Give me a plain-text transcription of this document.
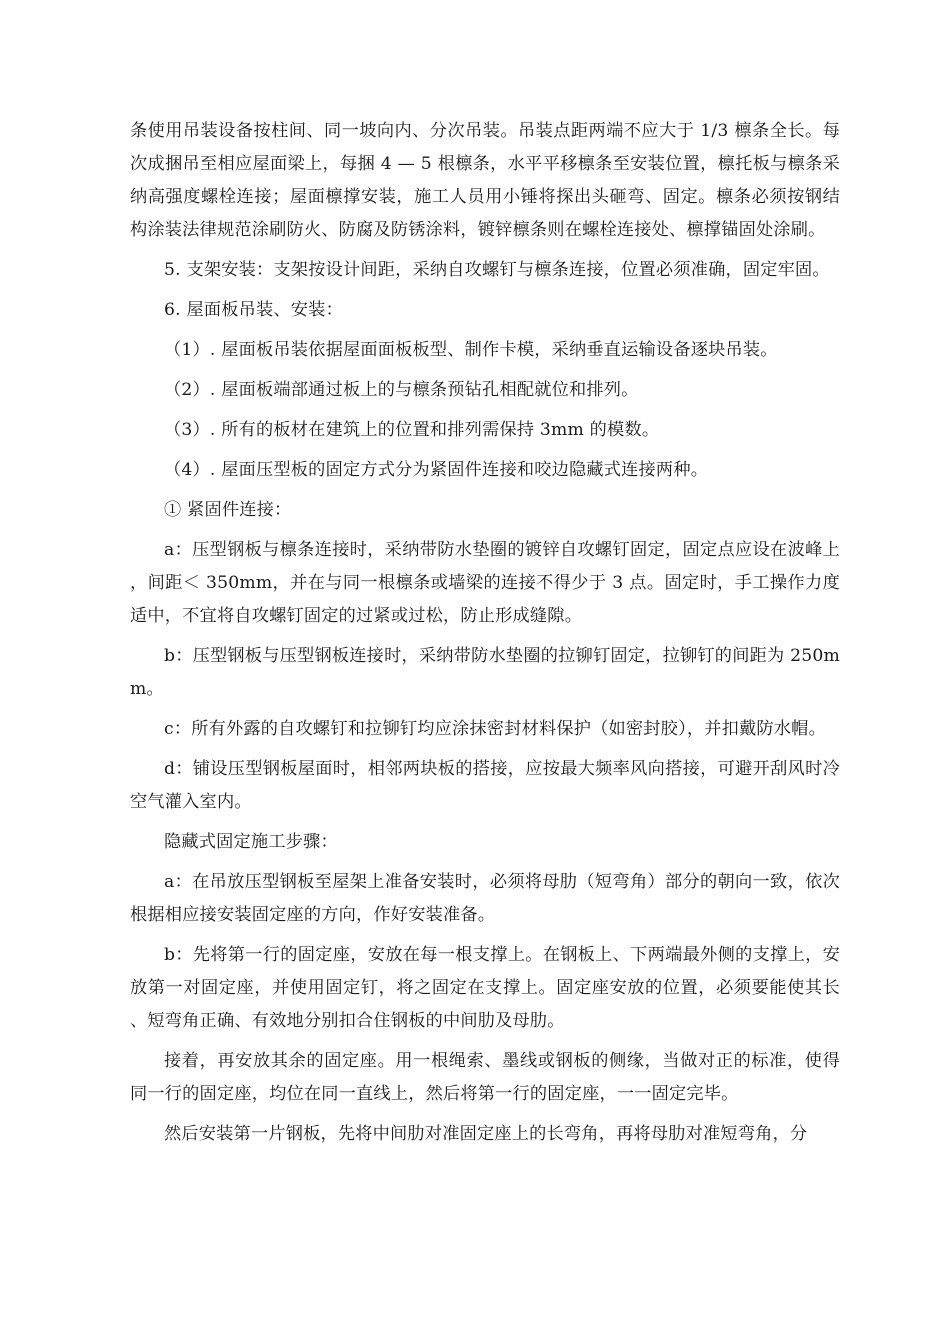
条使用吊装设备按柱间、同一坡向内、分次吊装。吊装点距两端不应大于 1/3 檩条全长。每次成捆吊至相应屋面梁上，每捆 4 — 5 根檩条，水平平移檩条至安装位置，檩托板与檩条采纳高强度螺栓连接；屋面檩撑安装，施工人员用小锤将探出头砸弯、固定。檩条必须按钢结构涂装法律规范涂刷防火、防腐及防锈涂料，镀锌檩条则在螺栓连接处、檩撑锚固处涂刷。

5. 支架安装：支架按设计间距，采纳自攻螺钉与檩条连接，位置必须准确，固定牢固。

6. 屋面板吊装、安装：

（1）. 屋面板吊装依据屋面面板板型、制作卡模，采纳垂直运输设备逐块吊装。

（2）. 屋面板端部通过板上的与檩条预钻孔相配就位和排列。

（3）. 所有的板材在建筑上的位置和排列需保持 3mm 的模数。

（4）. 屋面压型板的固定方式分为紧固件连接和咬边隐藏式连接两种。

① 紧固件连接：

a：压型钢板与檩条连接时，采纳带防水垫圈的镀锌自攻螺钉固定，固定点应设在波峰上，间距＜ 350mm，并在与同一根檩条或墙梁的连接不得少于 3 点。固定时，手工操作力度适中，不宜将自攻螺钉固定的过紧或过松，防止形成缝隙。

b：压型钢板与压型钢板连接时，采纳带防水垫圈的拉铆钉固定，拉铆钉的间距为 250mm。

c：所有外露的自攻螺钉和拉铆钉均应涂抹密封材料保护（如密封胶），并扣戴防水帽。

d：铺设压型钢板屋面时，相邻两块板的搭接，应按最大频率风向搭接，可避开刮风时冷空气灌入室内。

隐藏式固定施工步骤：

a：在吊放压型钢板至屋架上准备安装时，必须将母肋（短弯角）部分的朝向一致，依次根据相应接安装固定座的方向，作好安装准备。

b：先将第一行的固定座，安放在每一根支撑上。在钢板上、下两端最外侧的支撑上，安放第一对固定座，并使用固定钉，将之固定在支撑上。固定座安放的位置，必须要能使其长、短弯角正确、有效地分别扣合住钢板的中间肋及母肋。

接着，再安放其余的固定座。用一根绳索、墨线或钢板的侧缘，当做对正的标准，使得同一行的固定座，均位在同一直线上，然后将第一行的固定座，一一固定完毕。

然后安装第一片钢板，先将中间肋对准固定座上的长弯角，再将母肋对准短弯角，分
